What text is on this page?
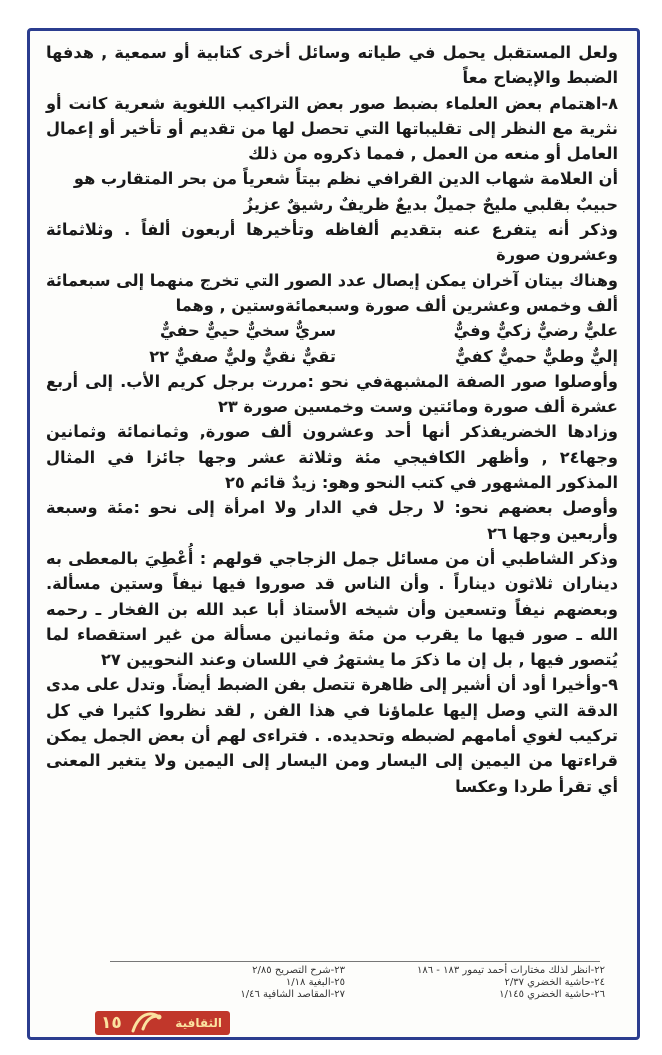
ولعل المستقبل يحمل في طياته وسائل أخرى كتابية أو سمعية , هدفها الضبط والإيضاح معاً

٨-اهتمام بعض العلماء بضبط صور بعض التراكيب اللغوية شعرية كانت أو نثرية مع النظر إلى تقليباتها التي تحصل لها من تقديم أو تأخير أو إعمال العامل أو منعه من العمل , فمما ذكروه من ذلك

أن العلامة شهاب الدين القرافي نظم بيتاً شعرياً من بحر المتقارب هو

حبيبٌ بقلبي مليحٌ جميلٌ بديعٌ ظريفٌ رشيقٌ عزيزُ

وذكر أنه يتفرع عنه بتقديم ألفاظه وتأخيرها أربعون ألفاً . وثلاثمائة وعشرون صورة

وهناك بيتان آخران يمكن إيصال عدد الصور التي تخرج منهما إلى سبعمائة ألف وخمس وعشرين ألف صورة وسبعمائةوستين , وهما

عليٌّ رضيٌّ زكيٌّ وفيٌّ
سريٌّ سخيٌّ حييٌّ حفيٌّ
إليٌّ وطيٌّ حميٌّ كفيٌّ
تقيٌّ نقيٌّ وليٌّ صفيٌّ ٢٢

وأوصلوا صور الصفة المشبهةفي نحو :مررت برجل كريم الأب. إلى أربع عشرة ألف صورة ومائتين وست وخمسين صورة ٢٣

وزادها الخضريفذكر أنها أحد وعشرون ألف صورة, وثمانمائة وثمانين وجها٢٤ , وأظهر الكافيجي مئة وثلاثة عشر وجها جائزا في المثال المذكور المشهور في كتب النحو وهو: زيدٌ قائم ٢٥

وأوصل بعضهم نحو: لا رجل في الدار ولا امرأة إلى نحو :مئة وسبعة وأربعين وجها ٢٦

وذكر الشاطبي أن من مسائل جمل الزجاجي قولهم : أُعْطِيَ بالمعطى به ديناران ثلاثون ديناراً . وأن الناس قد صوروا فيها نيفاً وستين مسألة. وبعضهم نيفاً وتسعين وأن شيخه الأستاذ أبا عبد الله بن الفخار ـ رحمه الله ـ صور فيها ما يقرب من مئة وثمانين مسألة من غير استقصاء لما يُتصور فيها , بل إن ما ذكرَ ما يشتهرُ في اللسان وعند النحويين ٢٧

٩-وأخيرا أود أن أشير إلى ظاهرة تتصل بفن الضبط أيضاً. وتدل على مدى الدقة التي وصل إليها علماؤنا في هذا الفن , لقد نظروا كثيرا في كل تركيب لغوي أمامهم لضبطه وتحديده. . فتراءى لهم أن بعض الجمل يمكن قراءتها من اليمين إلى اليسار ومن اليسار إلى اليمين ولا يتغير المعنى أي تقرأ طردا وعكسا

٢٢-انظر لذلك مختارات أحمد تيمور ١٨٣ - ١٨٦
٢٤-حاشية الخضري ٢/٣٧
٢٦-حاشية الخضري ١/١٤٥
٢٣-شرح التصريح ٢/٨٥
٢٥-البغية ١/١٨
٢٧-المقاصد الشافية ١/٤٦
١٥	الثقافية
